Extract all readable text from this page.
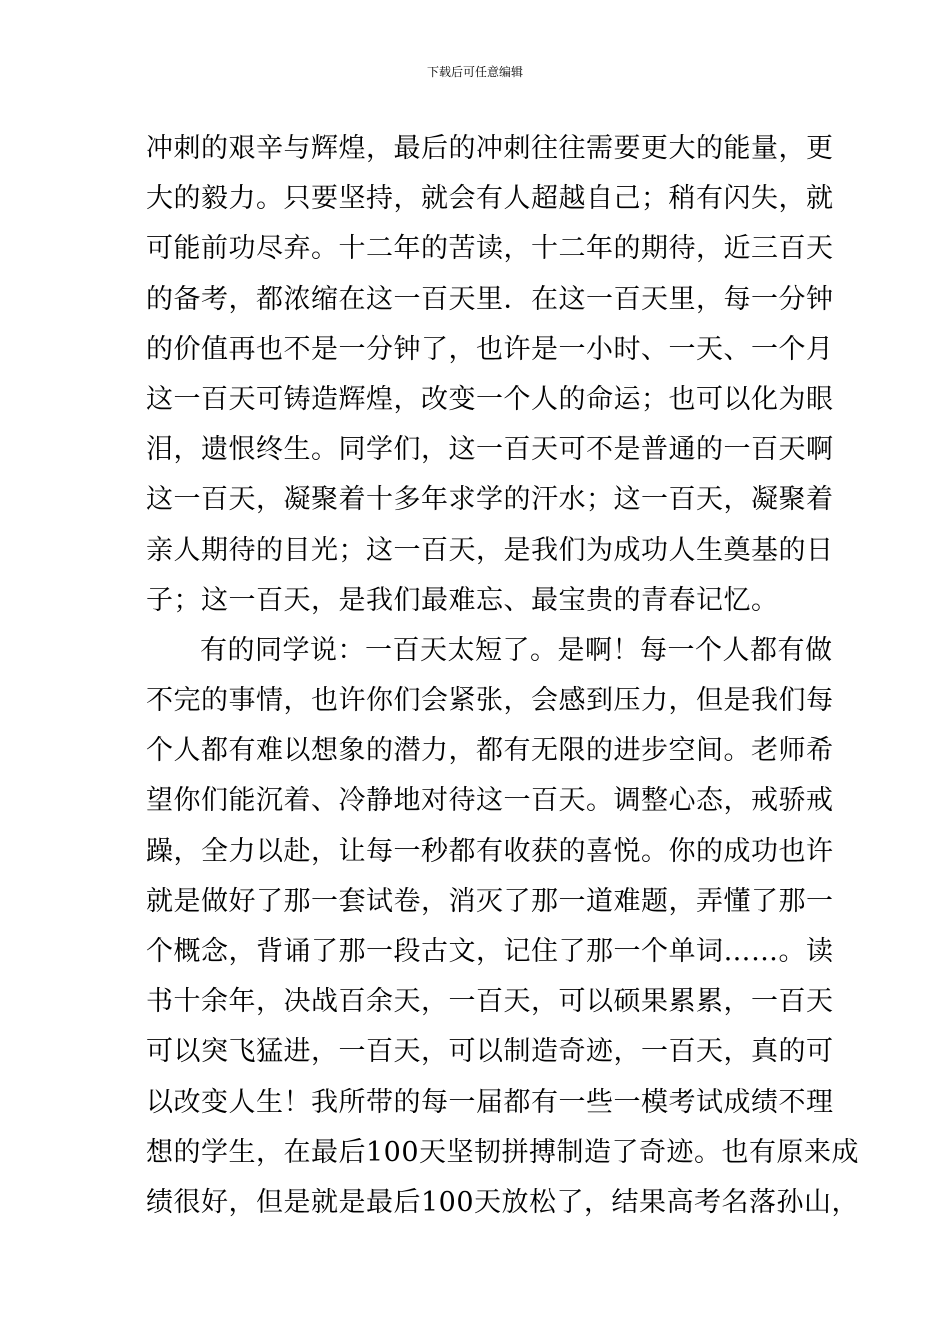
下载后可任意编辑
冲刺的艰辛与辉煌，最后的冲刺往往需要更大的能量，更
大的毅力。只要坚持，就会有人超越自己；稍有闪失，就
可能前功尽弃。十二年的苦读，十二年的期待，近三百天
的备考，都浓缩在这一百天里．在这一百天里，每一分钟
的价值再也不是一分钟了，也许是一小时、一天、一个月
这一百天可铸造辉煌，改变一个人的命运；也可以化为眼
泪，遗恨终生。同学们，这一百天可不是普通的一百天啊
这一百天，凝聚着十多年求学的汗水；这一百天，凝聚着
亲人期待的目光；这一百天，是我们为成功人生奠基的日
子；这一百天，是我们最难忘、最宝贵的青春记忆。
有的同学说：一百天太短了。是啊！每一个人都有做
不完的事情，也许你们会紧张，会感到压力，但是我们每
个人都有难以想象的潜力，都有无限的进步空间。老师希
望你们能沉着、冷静地对待这一百天。调整心态，戒骄戒
躁，全力以赴，让每一秒都有收获的喜悦。你的成功也许
就是做好了那一套试卷，消灭了那一道难题，弄懂了那一
个概念，背诵了那一段古文，记住了那一个单词……。读
书十余年，决战百余天，一百天，可以硕果累累，一百天
可以突飞猛进，一百天，可以制造奇迹，一百天，真的可
以改变人生！我所带的每一届都有一些一模考试成绩不理
想的学生，在最后100天坚韧拼搏制造了奇迹。也有原来成
绩很好，但是就是最后100天放松了，结果高考名落孙山，
